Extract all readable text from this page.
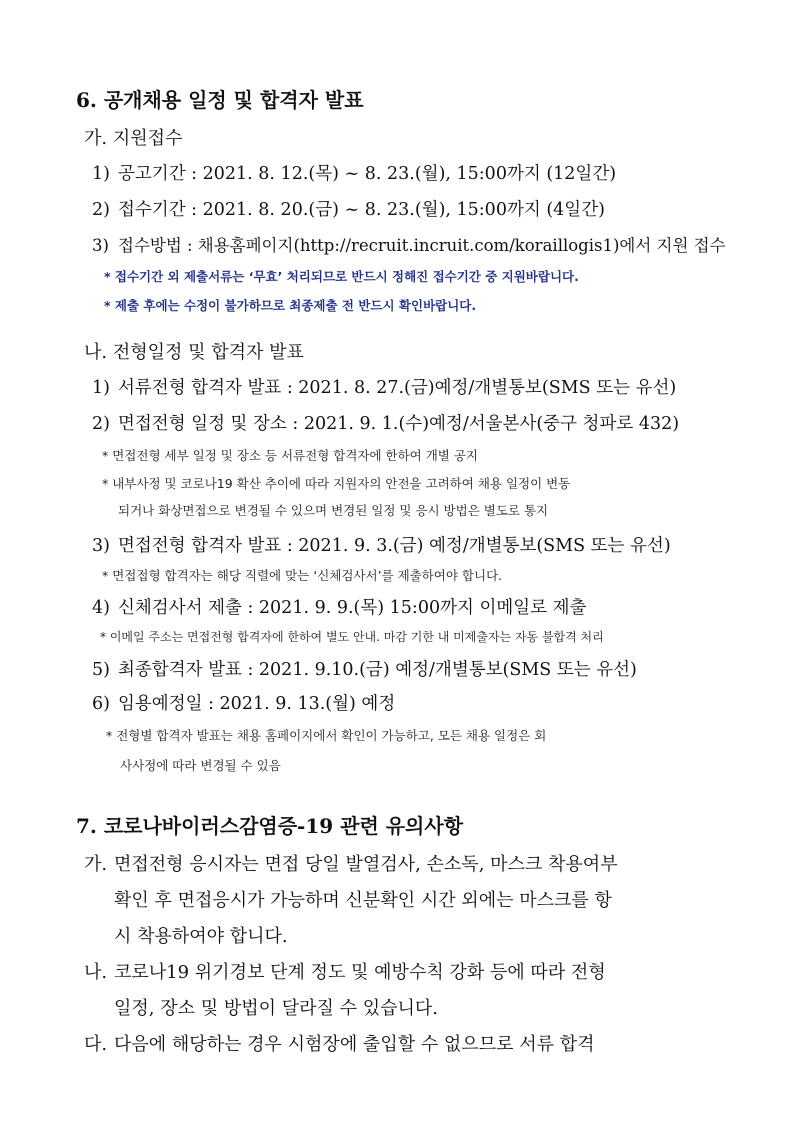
6. 공개채용 일정 및 합격자 발표
가. 지원접수
1) 공고기간 : 2021. 8. 12.(목) ~ 8. 23.(월), 15:00까지 (12일간)
2) 접수기간 : 2021. 8. 20.(금) ~ 8. 23.(월), 15:00까지 (4일간)
3) 접수방법 : 채용홈페이지(http://recruit.incruit.com/koraillogis1)에서 지원 접수
* 접수기간 외 제출서류는 ‘무효’ 처리되므로 반드시 정해진 접수기간 중 지원바랍니다.
* 제출 후에는 수정이 불가하므로 최종제출 전 반드시 확인바랍니다.
나. 전형일정 및 합격자 발표
1) 서류전형 합격자 발표 : 2021. 8. 27.(금)예정/개별통보(SMS 또는 유선)
2) 면접전형 일정 및 장소 : 2021. 9. 1.(수)예정/서울본사(중구 청파로 432)
* 면접전형 세부 일정 및 장소 등 서류전형 합격자에 한하여 개별 공지
* 내부사정 및 코로나19 확산 추이에 따라 지원자의 안전을 고려하여 채용 일정이 변동
되거나 화상면접으로 변경될 수 있으며 변경된 일정 및 응시 방법은 별도로 통지
3) 면접전형 합격자 발표 : 2021. 9. 3.(금) 예정/개별통보(SMS 또는 유선)
* 면접접형 합격자는 해당 직렬에 맞는 ‘신체검사서’를 제출하여야 합니다.
4) 신체검사서 제출 : 2021. 9. 9.(목) 15:00까지 이메일로 제출
* 이메일 주소는 면접전형 합격자에 한하여 별도 안내. 마감 기한 내 미제출자는 자동 불합격 처리
5) 최종합격자 발표 : 2021. 9.10.(금) 예정/개별통보(SMS 또는 유선)
6) 임용예정일 : 2021. 9. 13.(월) 예정
* 전형별 합격자 발표는 채용 홈페이지에서 확인이 가능하고, 모든 채용 일정은 회
사사정에 따라 변경될 수 있음
7. 코로나바이러스감염증-19 관련 유의사항
가. 면접전형 응시자는 면접 당일 발열검사, 손소독, 마스크 착용여부
확인 후 면접응시가 가능하며 신분확인 시간 외에는 마스크를 항
시 착용하여야 합니다.
나. 코로나19 위기경보 단계 정도 및 예방수칙 강화 등에 따라 전형
일정, 장소 및 방법이 달라질 수 있습니다.
다. 다음에 해당하는 경우 시험장에 출입할 수 없으므로 서류 합격
